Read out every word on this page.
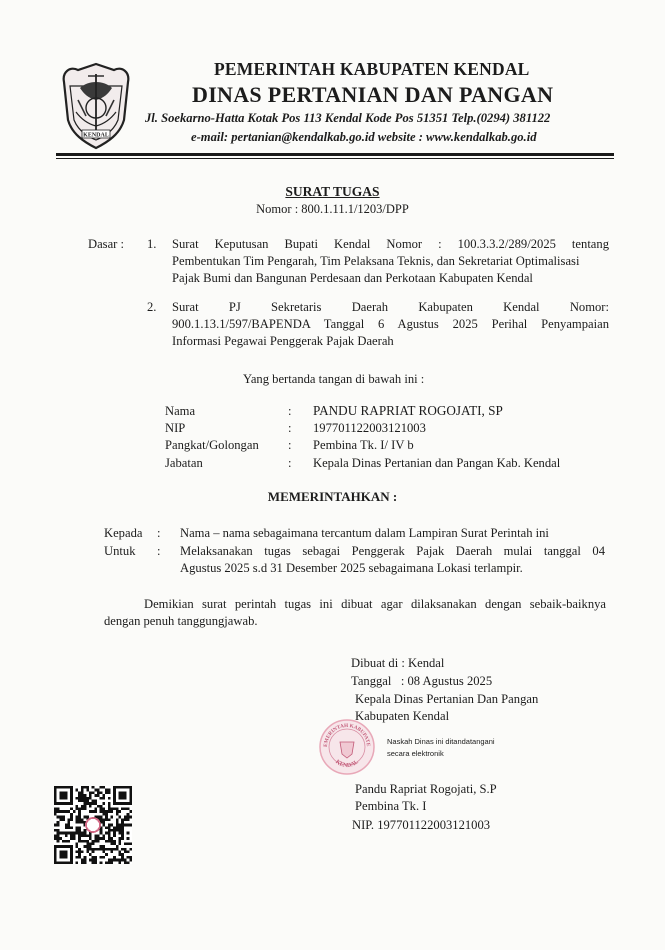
KENDAL
PEMERINTAH KABUPATEN KENDAL
DINAS PERTANIAN DAN PANGAN
Jl. Soekarno-Hatta Kotak Pos 113 Kendal Kode Pos 51351 Telp.(0294) 381122
e-mail: pertanian@kendalkab.go.id website : www.kendalkab.go.id
SURAT TUGAS
Nomor : 800.1.11.1/1203/DPP
Dasar : 1. Surat Keputusan Bupati Kendal Nomor : 100.3.3.2/289/2025 tentang
Pembentukan Tim Pengarah, Tim Pelaksana Teknis, dan Sekretariat Optimalisasi
Pajak Bumi dan Bangunan Perdesaan dan Perkotaan Kabupaten Kendal
2. Surat PJ Sekretaris Daerah Kabupaten Kendal Nomor:
900.1.13.1/597/BAPENDA Tanggal 6 Agustus 2025 Perihal Penyampaian
Informasi Pegawai Penggerak Pajak Daerah
Yang bertanda tangan di bawah ini :
Nama	: PANDU RAPRIAT ROGOJATI, SP
NIP	: 197701122003121003
Pangkat/Golongan : Pembina Tk. I/ IV b
Jabatan	: Kepala Dinas Pertanian dan Pangan Kab. Kendal
MEMERINTAHKAN :
Kepada : Nama – nama sebagaimana tercantum dalam Lampiran Surat Perintah ini
Untuk : Melaksanakan tugas sebagai Penggerak Pajak Daerah mulai tanggal 04
Agustus 2025 s.d 31 Desember 2025 sebagaimana Lokasi terlampir.
Demikian surat perintah tugas ini dibuat agar dilaksanakan dengan sebaik-baiknya
dengan penuh tanggungjawab.
Dibuat di : Kendal
Tanggal   : 08 Agustus 2025
Kepala Dinas Pertanian Dan Pangan
Kabupaten Kendal
EMERINTAH KABUPATE
KENDAL
Naskah Dinas ini ditandatangani
secara elektronik
Pandu Rapriat Rogojati, S.P
Pembina Tk. I
NIP. 197701122003121003
